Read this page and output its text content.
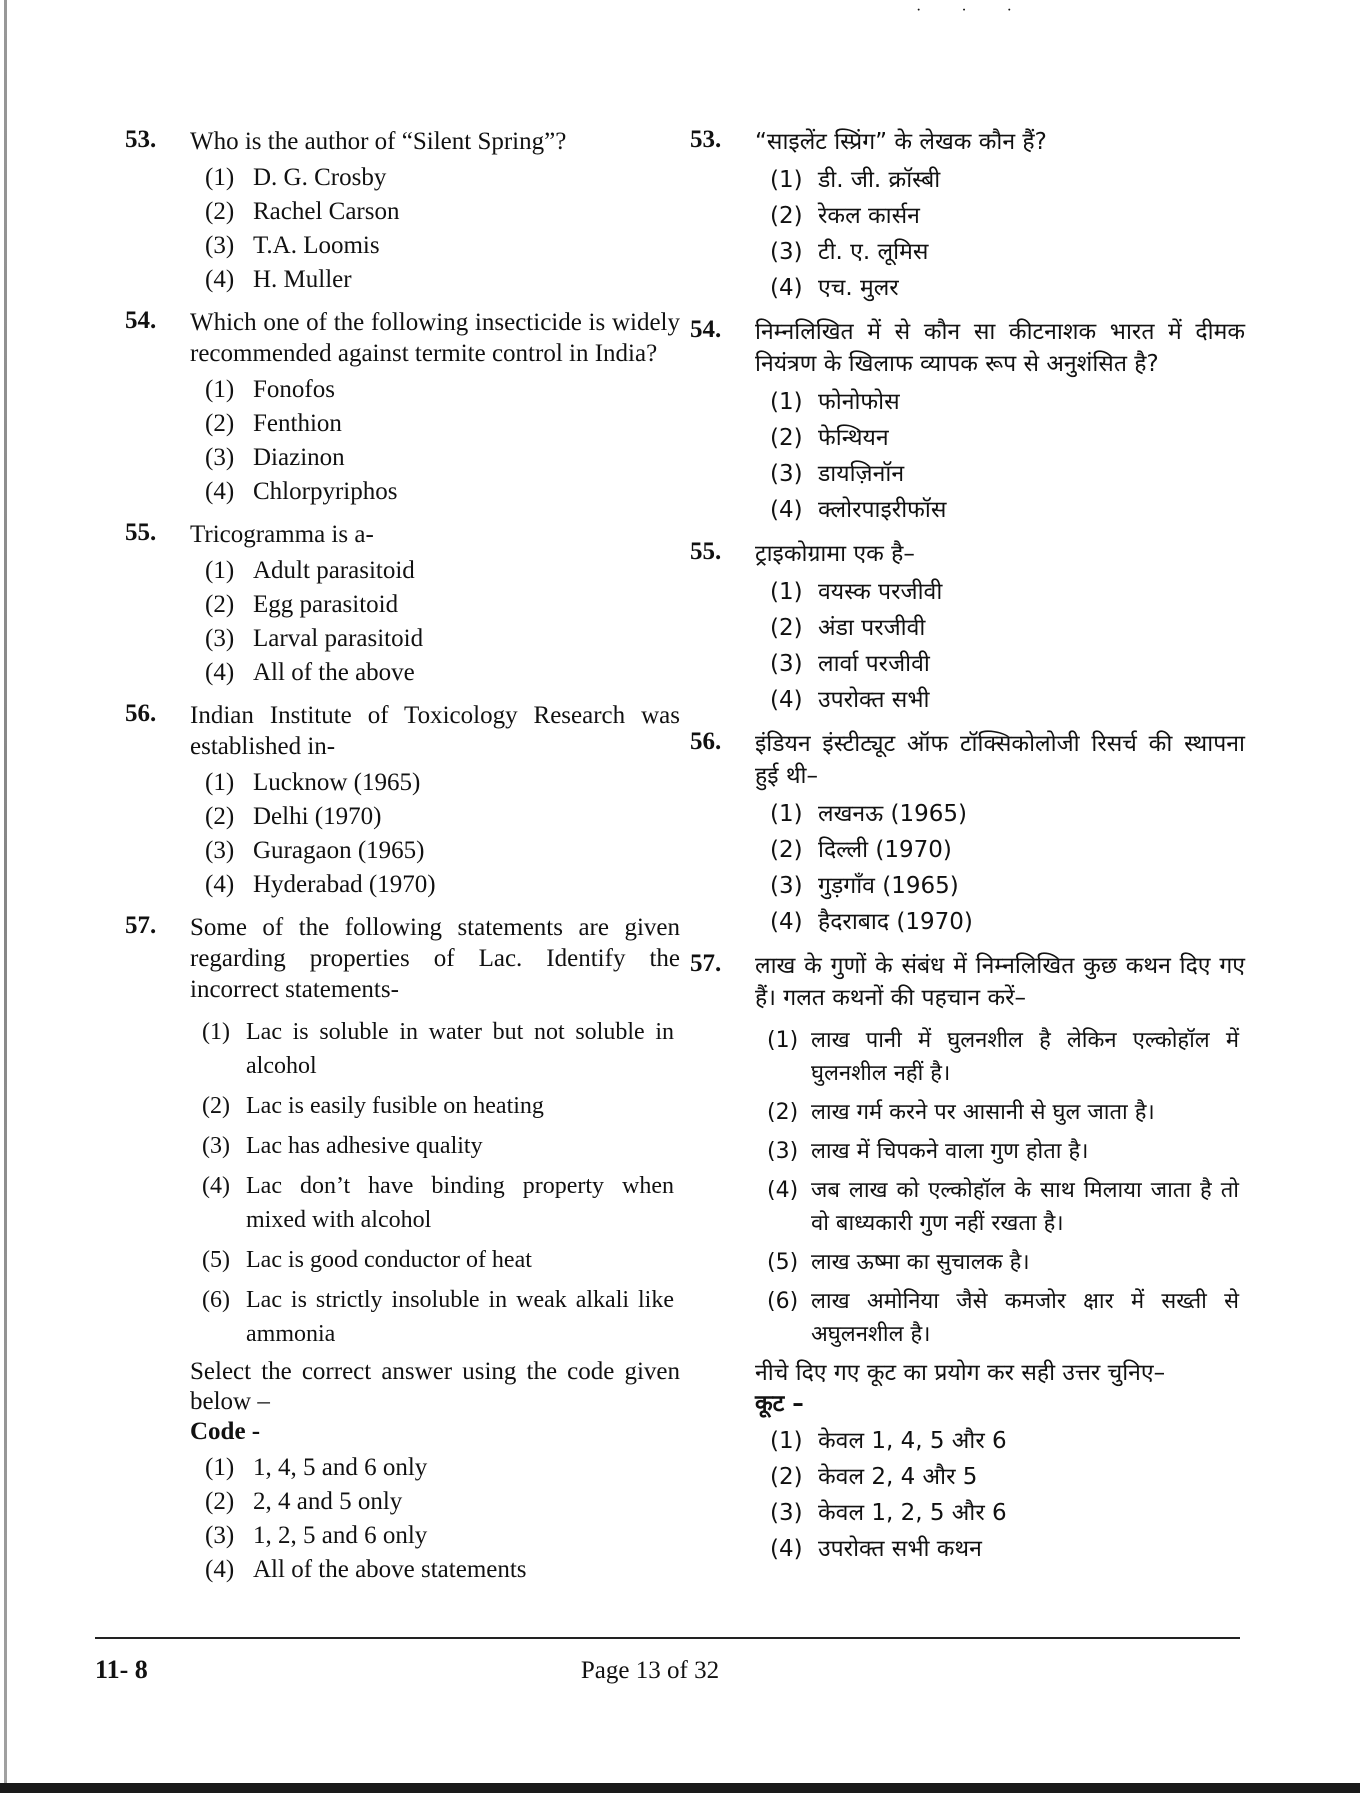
· · ·
53. Who is the author of “Silent Spring”?
(1) D. G. Crosby
(2) Rachel Carson
(3) T.A. Loomis
(4) H. Muller
54. Which one of the following insecticide is widely recommended against termite control in India?
(1) Fonofos
(2) Fenthion
(3) Diazinon
(4) Chlorpyriphos
55. Tricogramma is a-
(1) Adult parasitoid
(2) Egg parasitoid
(3) Larval parasitoid
(4) All of the above
56. Indian Institute of Toxicology Research was established in-
(1) Lucknow (1965)
(2) Delhi (1970)
(3) Guragaon (1965)
(4) Hyderabad (1970)
57. Some of the following statements are given regarding properties of Lac. Identify the incorrect statements-
(1) Lac is soluble in water but not soluble in alcohol
(2) Lac is easily fusible on heating
(3) Lac has adhesive quality
(4) Lac don’t have binding property when mixed with alcohol
(5) Lac is good conductor of heat
(6) Lac is strictly insoluble in weak alkali like ammonia
Select the correct answer using the code given below –
Code -
(1) 1, 4, 5 and 6 only
(2) 2, 4 and 5 only
(3) 1, 2, 5 and 6 only
(4) All of the above statements
53. “साइलेंट स्प्रिंग” के लेखक कौन हैं?
(1) डी. जी. क्रॉस्बी
(2) रेकल कार्सन
(3) टी. ए. लूमिस
(4) एच. मुलर
54. निम्नलिखित में से कौन सा कीटनाशक भारत में दीमक नियंत्रण के खिलाफ व्यापक रूप से अनुशंसित है?
(1) फोनोफोस
(2) फेन्थियन
(3) डायज़िनॉन
(4) क्लोरपाइरीफॉस
55. ट्राइकोग्रामा एक है–
(1) वयस्क परजीवी
(2) अंडा परजीवी
(3) लार्वा परजीवी
(4) उपरोक्त सभी
56. इंडियन इंस्टीट्यूट ऑफ टॉक्सिकोलोजी रिसर्च की स्थापना हुई थी–
(1) लखनऊ (1965)
(2) दिल्ली (1970)
(3) गुड़गाँव (1965)
(4) हैदराबाद (1970)
57. लाख के गुणों के संबंध में निम्नलिखित कुछ कथन दिए गए हैं। गलत कथनों की पहचान करें–
(1) लाख पानी में घुलनशील है लेकिन एल्कोहॉल में घुलनशील नहीं है।
(2) लाख गर्म करने पर आसानी से घुल जाता है।
(3) लाख में चिपकने वाला गुण होता है।
(4) जब लाख को एल्कोहॉल के साथ मिलाया जाता है तो वो बाध्यकारी गुण नहीं रखता है।
(5) लाख ऊष्मा का सुचालक है।
(6) लाख अमोनिया जैसे कमजोर क्षार में सख्ती से अघुलनशील है।
नीचे दिए गए कूट का प्रयोग कर सही उत्तर चुनिए–
कूट –
(1) केवल 1, 4, 5 और 6
(2) केवल 2, 4 और 5
(3) केवल 1, 2, 5 और 6
(4) उपरोक्त सभी कथन
11- 8	Page 13 of 32
